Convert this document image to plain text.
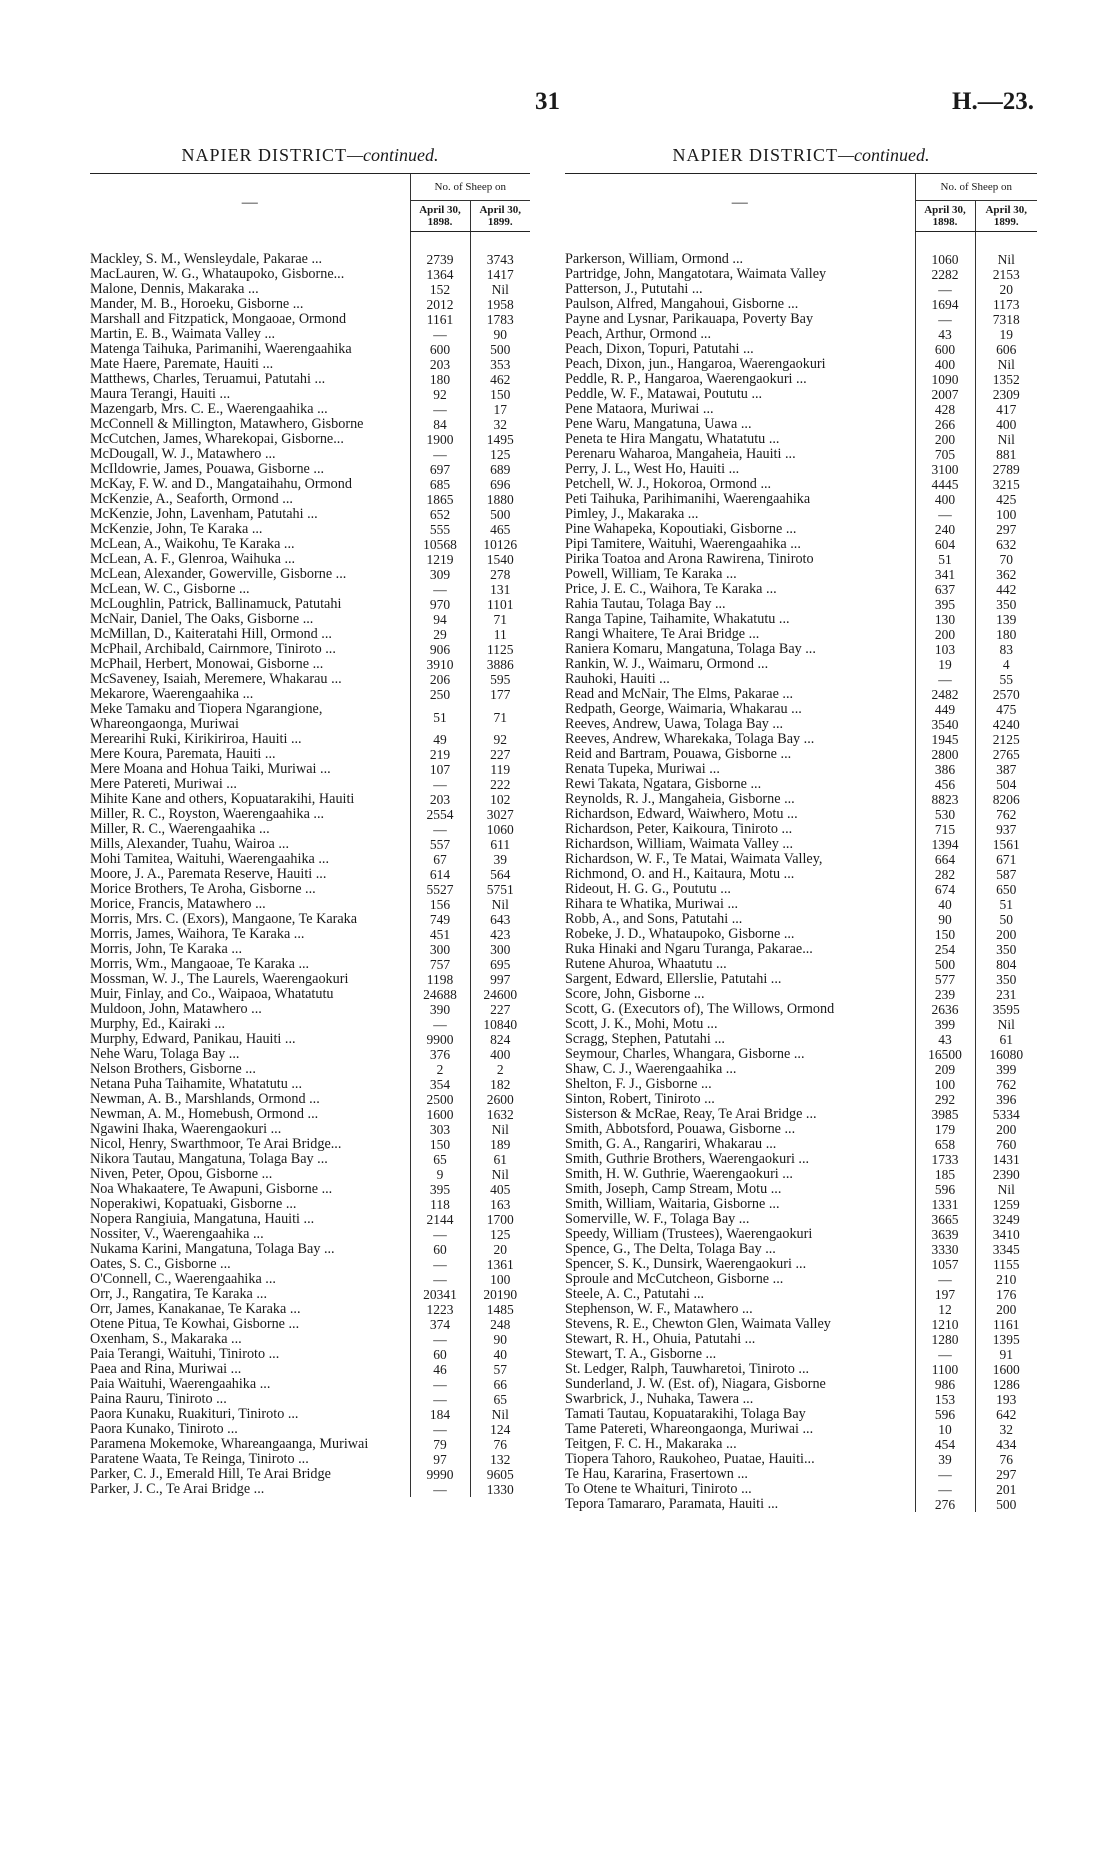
31	H.—23.
NAPIER DISTRICT—continued.
—	No. of Sheep on	

	April 30,
1898.	April 30,
1899.

Mackley, S. M., Wensleydale, Pakarae ...	2739	3743
MacLauren, W. G., Whataupoko, Gisborne...	1364	1417
Malone, Dennis, Makaraka ...	152	Nil
Mander, M. B., Horoeku, Gisborne ...	2012	1958
Marshall and Fitzpatick, Mongaoae, Ormond	1161	1783
Martin, E. B., Waimata Valley ...	—	90
Matenga Taihuka, Parimanihi, Waerengaahika	600	500
Mate Haere, Paremate, Hauiti ...	203	353
Matthews, Charles, Teruamui, Patutahi ...	180	462
Maura Terangi, Hauiti ...	92	150
Mazengarb, Mrs. C. E., Waerengaahika ...	—	17
McConnell & Millington, Matawhero, Gisborne	84	32
McCutchen, James, Wharekopai, Gisborne...	1900	1495
McDougall, W. J., Matawhero ...	—	125
McIldowrie, James, Pouawa, Gisborne ...	697	689
McKay, F. W. and D., Mangataihahu, Ormond	685	696
McKenzie, A., Seaforth, Ormond ...	1865	1880
McKenzie, John, Lavenham, Patutahi ...	652	500
McKenzie, John, Te Karaka ...	555	465
McLean, A., Waikohu, Te Karaka ...	10568	10126
McLean, A. F., Glenroa, Waihuka ...	1219	1540
McLean, Alexander, Gowerville, Gisborne ...	309	278
McLean, W. C., Gisborne ...	—	131
McLoughlin, Patrick, Ballinamuck, Patutahi	970	1101
McNair, Daniel, The Oaks, Gisborne ...	94	71
McMillan, D., Kaiteratahi Hill, Ormond ...	29	11
McPhail, Archibald, Cairnmore, Tiniroto ...	906	1125
McPhail, Herbert, Monowai, Gisborne ...	3910	3886
McSaveney, Isaiah, Meremere, Whakarau ...	206	595
Mekarore, Waerengaahika ...	250	177
Meke Tamaku and Tiopera Ngarangione, Whareongaonga, Muriwai	51	71
Merearihi Ruki, Kirikiriroa, Hauiti ...	49	92
Mere Koura, Paremata, Hauiti ...	219	227
Mere Moana and Hohua Taiki, Muriwai ...	107	119
Mere Patereti, Muriwai ...	—	222
Mihite Kane and others, Kopuatarakihi, Hauiti	203	102
Miller, R. C., Royston, Waerengaahika ...	2554	3027
Miller, R. C., Waerengaahika ...	—	1060
Mills, Alexander, Tuahu, Wairoa ...	557	611
Mohi Tamitea, Waituhi, Waerengaahika ...	67	39
Moore, J. A., Paremata Reserve, Hauiti ...	614	564
Morice Brothers, Te Aroha, Gisborne ...	5527	5751
Morice, Francis, Matawhero ...	156	Nil
Morris, Mrs. C. (Exors), Mangaone, Te Karaka	749	643
Morris, James, Waihora, Te Karaka ...	451	423
Morris, John, Te Karaka ...	300	300
Morris, Wm., Mangaoae, Te Karaka ...	757	695
Mossman, W. J., The Laurels, Waerengaokuri	1198	997
Muir, Finlay, and Co., Waipaoa, Whatatutu	24688	24600
Muldoon, John, Matawhero ...	390	227
Murphy, Ed., Kairaki ...	—	10840
Murphy, Edward, Panikau, Hauiti ...	9900	824
Nehe Waru, Tolaga Bay ...	376	400
Nelson Brothers, Gisborne ...	2	2
Netana Puha Taihamite, Whatatutu ...	354	182
Newman, A. B., Marshlands, Ormond ...	2500	2600
Newman, A. M., Homebush, Ormond ...	1600	1632
Ngawini Ihaka, Waerengaokuri ...	303	Nil
Nicol, Henry, Swarthmoor, Te Arai Bridge...	150	189
Nikora Tautau, Mangatuna, Tolaga Bay ...	65	61
Niven, Peter, Opou, Gisborne ...	9	Nil
Noa Whakaatere, Te Awapuni, Gisborne ...	395	405
Noperakiwi, Kopatuaki, Gisborne ...	118	163
Nopera Rangiuia, Mangatuna, Hauiti ...	2144	1700
Nossiter, V., Waerengaahika ...	—	125
Nukama Karini, Mangatuna, Tolaga Bay ...	60	20
Oates, S. C., Gisborne ...	—	1361
O'Connell, C., Waerengaahika ...	—	100
Orr, J., Rangatira, Te Karaka ...	20341	20190
Orr, James, Kanakanae, Te Karaka ...	1223	1485
Otene Pitua, Te Kowhai, Gisborne ...	374	248
Oxenham, S., Makaraka ...	—	90
Paia Terangi, Waituhi, Tiniroto ...	60	40
Paea and Rina, Muriwai ...	46	57
Paia Waituhi, Waerengaahika ...	—	66
Paina Rauru, Tiniroto ...	—	65
Paora Kunaku, Ruakituri, Tiniroto ...	184	Nil
Paora Kunako, Tiniroto ...	—	124
Paramena Mokemoke, Whareangaanga, Muriwai	79	76
Paratene Waata, Te Reinga, Tiniroto ...	97	132
Parker, C. J., Emerald Hill, Te Arai Bridge	9990	9605
Parker, J. C., Te Arai Bridge ...	—	1330
NAPIER DISTRICT—continued.
—	No. of Sheep on	

	April 30,
1898.	April 30,
1899.

Parkerson, William, Ormond ...	1060	Nil
Partridge, John, Mangatotara, Waimata Valley	2282	2153
Patterson, J., Pututahi ...	—	20
Paulson, Alfred, Mangahoui, Gisborne ...	1694	1173
Payne and Lysnar, Parikauapa, Poverty Bay	—	7318
Peach, Arthur, Ormond ...	43	19
Peach, Dixon, Topuri, Patutahi ...	600	606
Peach, Dixon, jun., Hangaroa, Waerengaokuri	400	Nil
Peddle, R. P., Hangaroa, Waerengaokuri ...	1090	1352
Peddle, W. F., Matawai, Poututu ...	2007	2309
Pene Mataora, Muriwai ...	428	417
Pene Waru, Mangatuna, Uawa ...	266	400
Peneta te Hira Mangatu, Whatatutu ...	200	Nil
Perenaru Waharoa, Mangaheia, Hauiti ...	705	881
Perry, J. L., West Ho, Hauiti ...	3100	2789
Petchell, W. J., Hokoroa, Ormond ...	4445	3215
Peti Taihuka, Parihimanihi, Waerengaahika	400	425
Pimley, J., Makaraka ...	—	100
Pine Wahapeka, Kopoutiaki, Gisborne ...	240	297
Pipi Tamitere, Waituhi, Waerengaahika ...	604	632
Pirika Toatoa and Arona Rawirena, Tiniroto	51	70
Powell, William, Te Karaka ...	341	362
Price, J. E. C., Waihora, Te Karaka ...	637	442
Rahia Tautau, Tolaga Bay ...	395	350
Ranga Tapine, Taihamite, Whakatutu ...	130	139
Rangi Whaitere, Te Arai Bridge ...	200	180
Raniera Komaru, Mangatuna, Tolaga Bay ...	103	83
Rankin, W. J., Waimaru, Ormond ...	19	4
Rauhoki, Hauiti ...	—	55
Read and McNair, The Elms, Pakarae ...	2482	2570
Redpath, George, Waimaria, Whakarau ...	449	475
Reeves, Andrew, Uawa, Tolaga Bay ...	3540	4240
Reeves, Andrew, Wharekaka, Tolaga Bay ...	1945	2125
Reid and Bartram, Pouawa, Gisborne ...	2800	2765
Renata Tupeka, Muriwai ...	386	387
Rewi Takata, Ngatara, Gisborne ...	456	504
Reynolds, R. J., Mangaheia, Gisborne ...	8823	8206
Richardson, Edward, Waiwhero, Motu ...	530	762
Richardson, Peter, Kaikoura, Tiniroto ...	715	937
Richardson, William, Waimata Valley ...	1394	1561
Richardson, W. F., Te Matai, Waimata Valley,	664	671
Richmond, O. and H., Kaitaura, Motu ...	282	587
Rideout, H. G. G., Poututu ...	674	650
Rihara te Whatika, Muriwai ...	40	51
Robb, A., and Sons, Patutahi ...	90	50
Robeke, J. D., Whataupoko, Gisborne ...	150	200
Ruka Hinaki and Ngaru Turanga, Pakarae...	254	350
Rutene Ahuroa, Whaatutu ...	500	804
Sargent, Edward, Ellerslie, Patutahi ...	577	350
Score, John, Gisborne ...	239	231
Scott, G. (Executors of), The Willows, Ormond	2636	3595
Scott, J. K., Mohi, Motu ...	399	Nil
Scragg, Stephen, Patutahi ...	43	61
Seymour, Charles, Whangara, Gisborne ...	16500	16080
Shaw, C. J., Waerengaahika ...	209	399
Shelton, F. J., Gisborne ...	100	762
Sinton, Robert, Tiniroto ...	292	396
Sisterson & McRae, Reay, Te Arai Bridge ...	3985	5334
Smith, Abbotsford, Pouawa, Gisborne ...	179	200
Smith, G. A., Rangariri, Whakarau ...	658	760
Smith, Guthrie Brothers, Waerengaokuri ...	1733	1431
Smith, H. W. Guthrie, Waerengaokuri ...	185	2390
Smith, Joseph, Camp Stream, Motu ...	596	Nil
Smith, William, Waitaria, Gisborne ...	1331	1259
Somerville, W. F., Tolaga Bay ...	3665	3249
Speedy, William (Trustees), Waerengaokuri	3639	3410
Spence, G., The Delta, Tolaga Bay ...	3330	3345
Spencer, S. K., Dunsirk, Waerengaokuri ...	1057	1155
Sproule and McCutcheon, Gisborne ...	—	210
Steele, A. C., Patutahi ...	197	176
Stephenson, W. F., Matawhero ...	12	200
Stevens, R. E., Chewton Glen, Waimata Valley	1210	1161
Stewart, R. H., Ohuia, Patutahi ...	1280	1395
Stewart, T. A., Gisborne ...	—	91
St. Ledger, Ralph, Tauwharetoi, Tiniroto ...	1100	1600
Sunderland, J. W. (Est. of), Niagara, Gisborne	986	1286
Swarbrick, J., Nuhaka, Tawera ...	153	193
Tamati Tautau, Kopuatarakihi, Tolaga Bay	596	642
Tame Patereti, Whareongaonga, Muriwai ...	10	32
Teitgen, F. C. H., Makaraka ...	454	434
Tiopera Tahoro, Raukoheo, Puatae, Hauiti...	39	76
Te Hau, Kararina, Frasertown ...	—	297
To Otene te Whaituri, Tiniroto ...	—	201
Tepora Tamararo, Paramata, Hauiti ...	276	500
